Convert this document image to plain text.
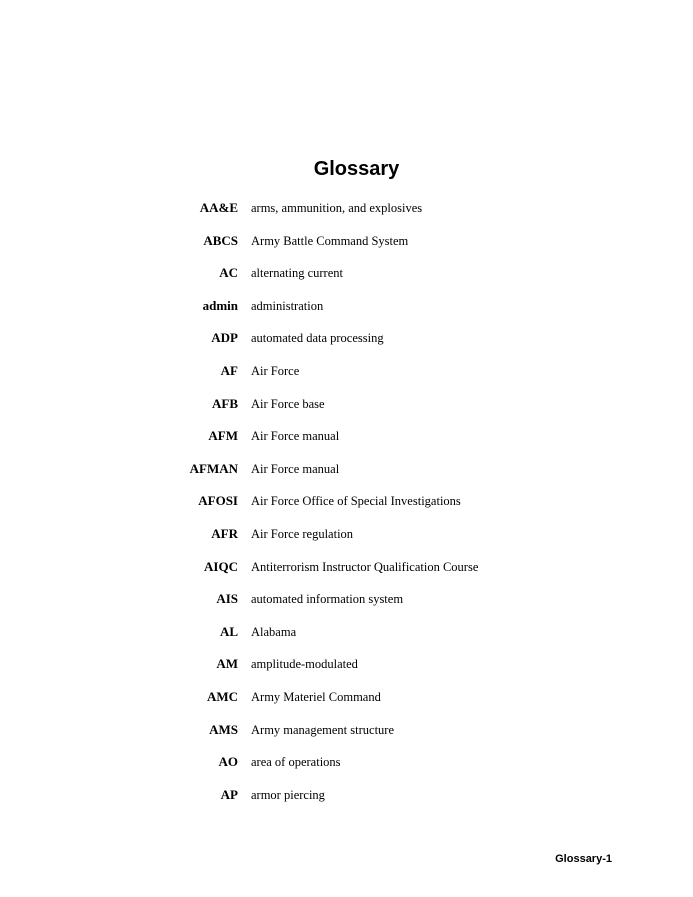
Glossary
AA&E arms, ammunition, and explosives
ABCS Army Battle Command System
AC alternating current
admin administration
ADP automated data processing
AF Air Force
AFB Air Force base
AFM Air Force manual
AFMAN Air Force manual
AFOSI Air Force Office of Special Investigations
AFR Air Force regulation
AIQC Antiterrorism Instructor Qualification Course
AIS automated information system
AL Alabama
AM amplitude-modulated
AMC Army Materiel Command
AMS Army management structure
AO area of operations
AP armor piercing
Glossary-1
